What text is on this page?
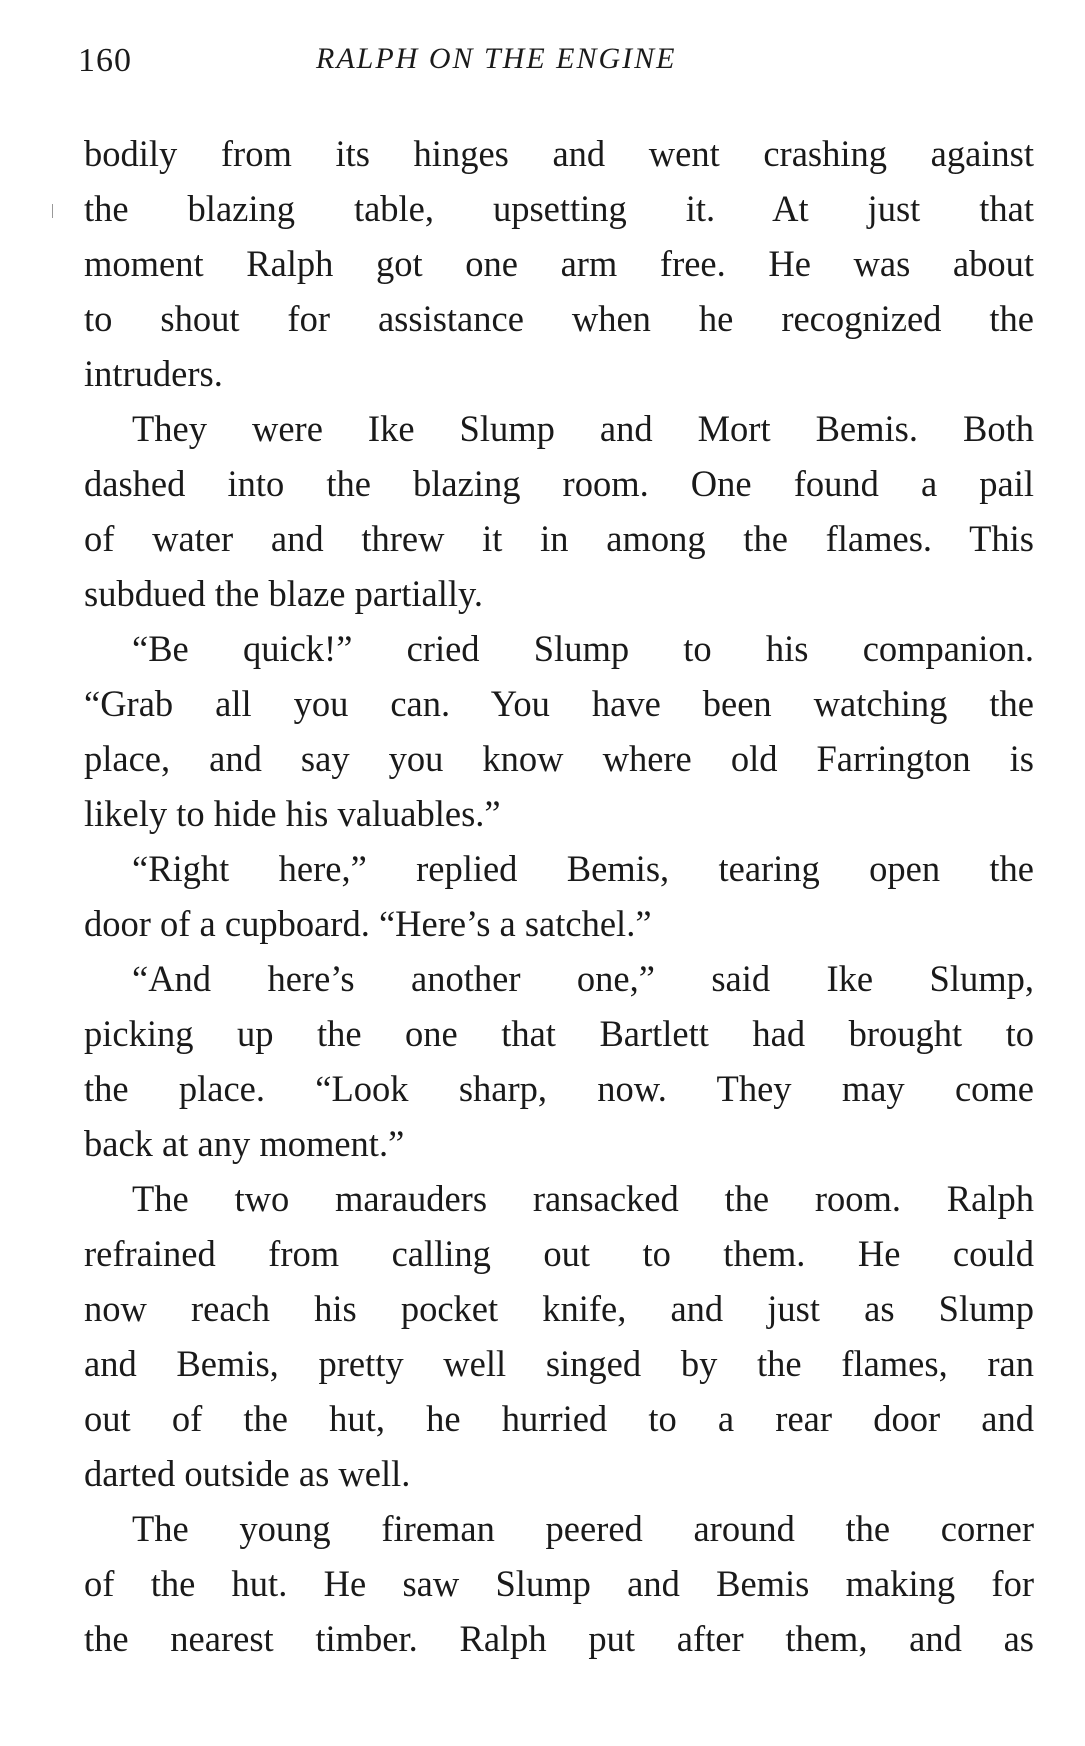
160	RALPH ON THE ENGINE
bodily from its hinges and went crashing against
the blazing table, upsetting it. At just that
moment Ralph got one arm free. He was about
to shout for assistance when he recognized the
intruders.
They were Ike Slump and Mort Bemis. Both
dashed into the blazing room. One found a pail
of water and threw it in among the flames. This
subdued the blaze partially.
“Be quick!” cried Slump to his companion.
“Grab all you can. You have been watching the
place, and say you know where old Farrington is
likely to hide his valuables.”
“Right here,” replied Bemis, tearing open the
door of a cupboard. “Here’s a satchel.”
“And here’s another one,” said Ike Slump,
picking up the one that Bartlett had brought to
the place. “Look sharp, now. They may come
back at any moment.”
The two marauders ransacked the room. Ralph
refrained from calling out to them. He could
now reach his pocket knife, and just as Slump
and Bemis, pretty well singed by the flames, ran
out of the hut, he hurried to a rear door and
darted outside as well.
The young fireman peered around the corner
of the hut. He saw Slump and Bemis making for
the nearest timber. Ralph put after them, and as
